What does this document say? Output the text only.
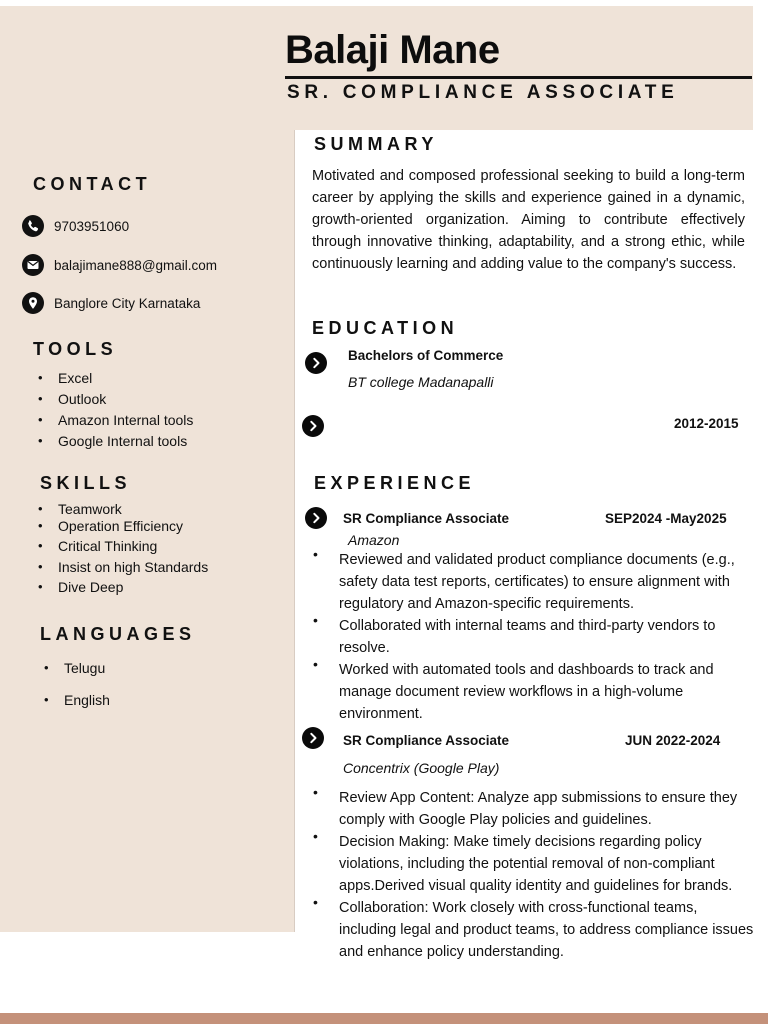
Balaji Mane
SR. COMPLIANCE ASSOCIATE
CONTACT
9703951060
balajimane888@gmail.com
Banglore City Karnataka
TOOLS
• Excel
• Outlook
• Amazon Internal tools
• Google Internal tools
SKILLS
• Teamwork
• Operation Efficiency
• Critical Thinking
• Insist on high Standards
• Dive Deep
LANGUAGES
• Telugu
• English
SUMMARY
Motivated and composed professional seeking to build a long-term career by applying the skills and experience gained in a dynamic, growth-oriented organization. Aiming to contribute effectively through innovative thinking, adaptability, and a strong ethic, while continuously learning and adding value to the company's success.
EDUCATION
Bachelors of Commerce
BT college Madanapalli
2012-2015
EXPERIENCE
SR Compliance Associate	SEP2024 -May2025
Amazon
• Reviewed and validated product compliance documents (e.g., safety data test reports, certificates) to ensure alignment with regulatory and Amazon-specific requirements.
• Collaborated with internal teams and third-party vendors to resolve.
• Worked with automated tools and dashboards to track and manage document review workflows in a high-volume environment.
SR Compliance Associate	JUN 2022-2024
Concentrix (Google Play)
• Review App Content: Analyze app submissions to ensure they comply with Google Play policies and guidelines.
• Decision Making: Make timely decisions regarding policy violations, including the potential removal of non-compliant apps.Derived visual quality identity and guidelines for brands.
• Collaboration: Work closely with cross-functional teams, including legal and product teams, to address compliance issues and enhance policy understanding.
